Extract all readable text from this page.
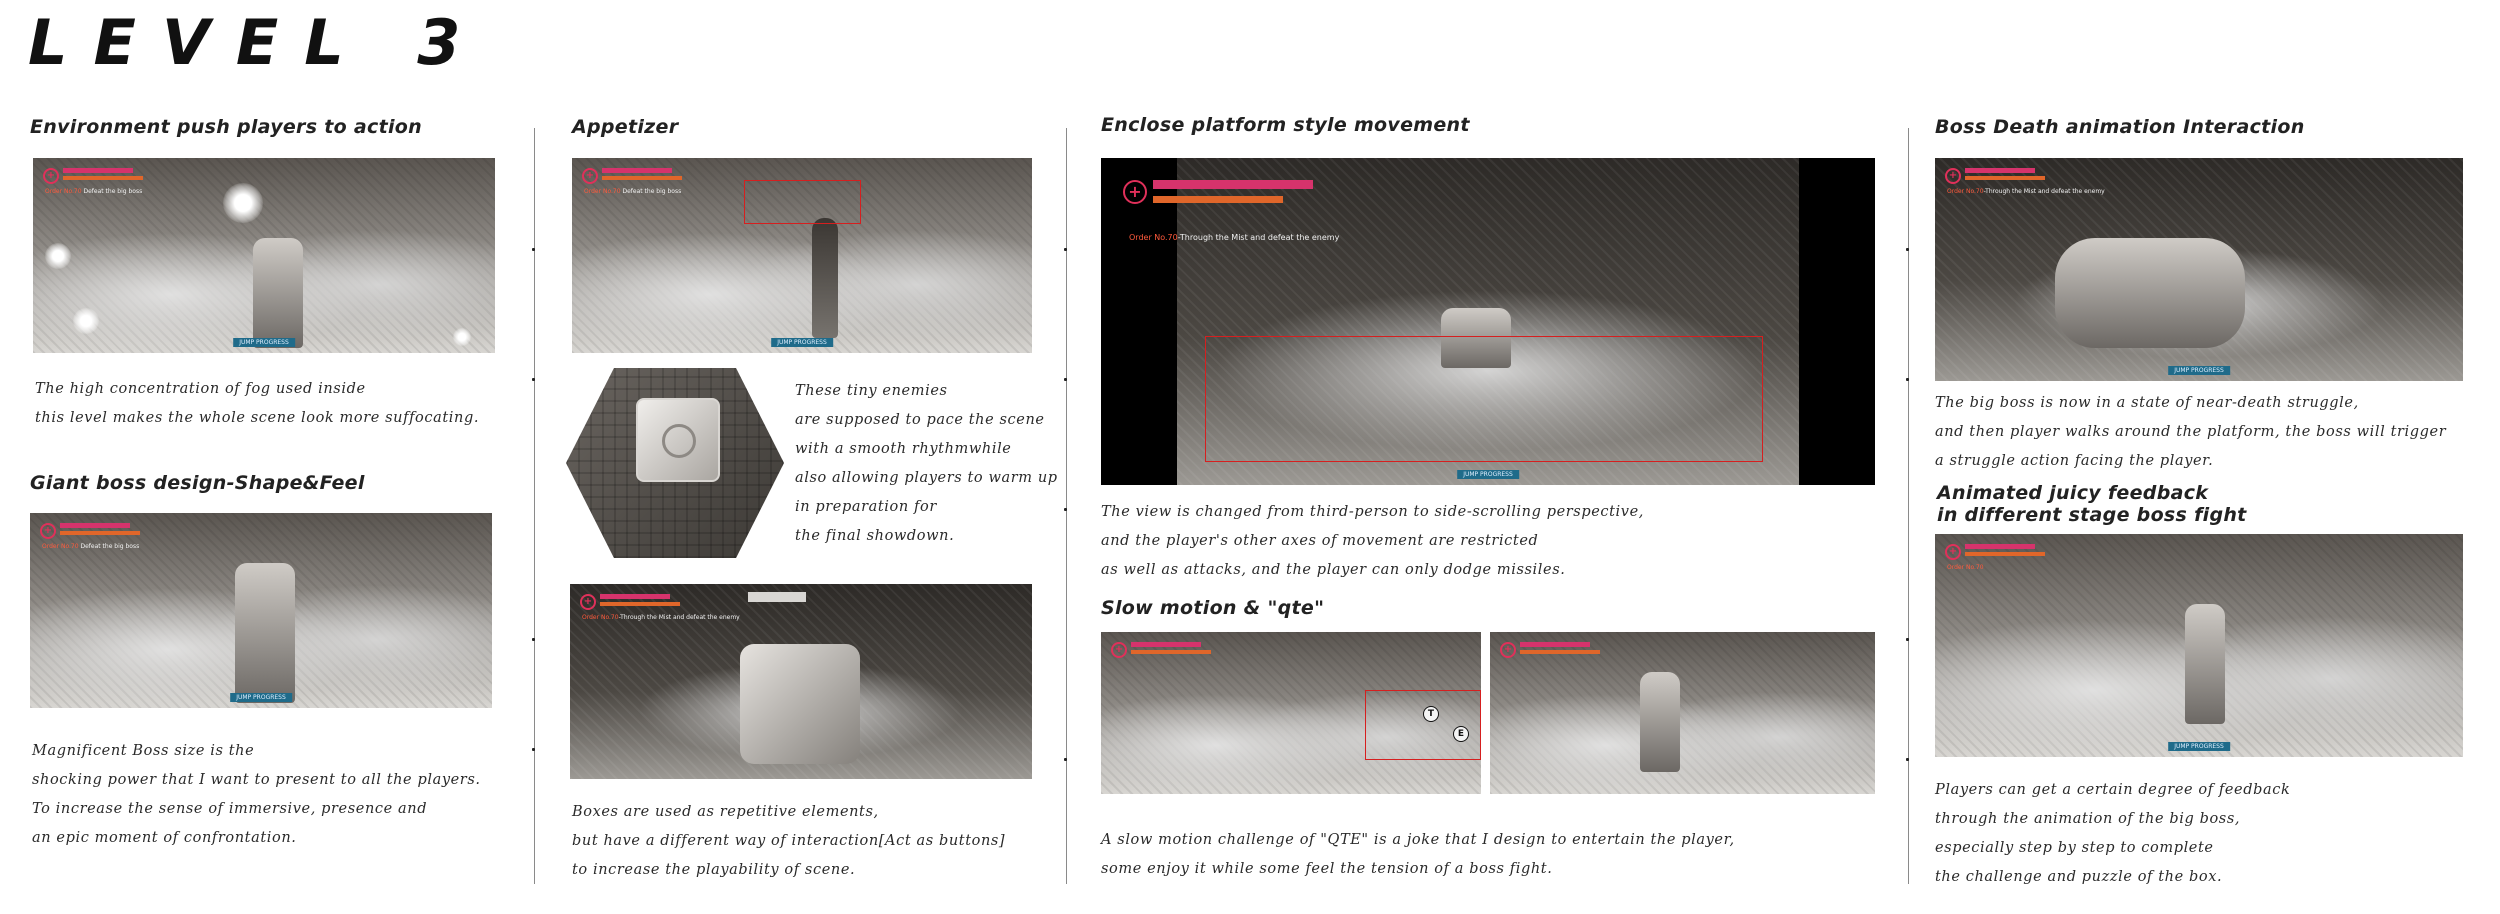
LEVEL 3
Environment push players to action
+
Order No.70 Defeat the big boss
JUMP PROGRESS

The high concentration of fog used inside
this level makes the whole scene look more suffocating.

Giant boss design-Shape&Feel
+
Order No.70 Defeat the big boss
JUMP PROGRESS

Magnificent Boss size is the
shocking power that I want to present to all the players.
To increase the sense of immersive, presence and
an epic moment of confrontation.

Appetizer
+
Order No.70 Defeat the big boss
JUMP PROGRESS

These tiny enemies
are supposed to pace the scene
with a smooth rhythmwhile
also allowing players to warm up
in preparation for
the final showdown.

+
Order No.70-Through the Mist and defeat the enemy

Boxes are used as repetitive elements,
but have a different way of interaction[Act as buttons]
to increase the playability of scene.

Enclose platform style movement
+
Order No.70-Through the Mist and defeat the enemy
JUMP PROGRESS

The view is changed from third-person to side-scrolling perspective,
and the player's other axes of movement are restricted
as well as attacks, and the player can only dodge missiles.

Slow motion & "qte"
+
T
E
+

A slow motion challenge of "QTE" is a joke that I design to entertain the player,
some enjoy it while some feel the tension of a boss fight.

Boss Death animation Interaction
+
Order No.70-Through the Mist and defeat the enemy
JUMP PROGRESS

The big boss is now in a state of near-death struggle,
and then player walks around the platform, the boss will trigger
a struggle action facing the player.

Animated juicy feedback
in different stage boss fight
+
Order No.70
JUMP PROGRESS

Players can get a certain degree of feedback
through the animation of the big boss,
especially step by step to complete
the challenge and puzzle of the box.
